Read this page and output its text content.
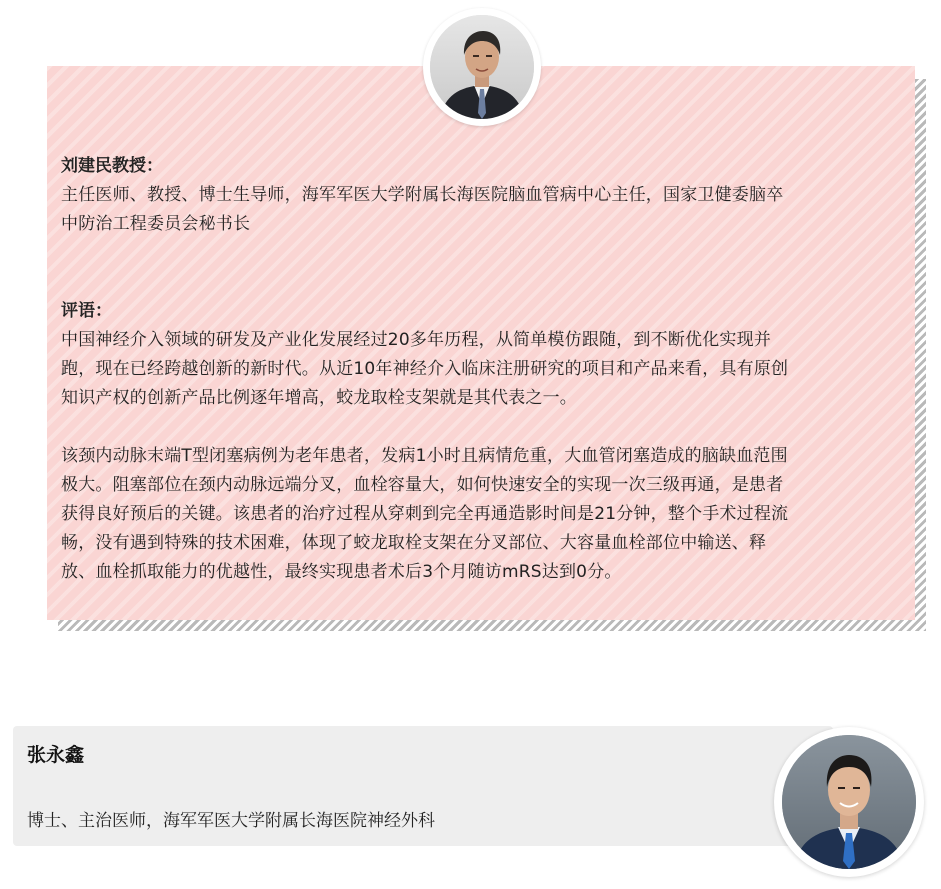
刘建民教授：

主任医师、教授、博士生导师，海军军医大学附属长海医院脑血管病中心主任，国家卫健委脑卒

中防治工程委员会秘书长

评语：

中国神经介入领域的研发及产业化发展经过20多年历程，从简单模仿跟随，到不断优化实现并

跑，现在已经跨越创新的新时代。从近10年神经介入临床注册研究的项目和产品来看，具有原创

知识产权的创新产品比例逐年增高，蛟龙取栓支架就是其代表之一。

该颈内动脉末端T型闭塞病例为老年患者，发病1小时且病情危重，大血管闭塞造成的脑缺血范围

极大。阻塞部位在颈内动脉远端分叉，血栓容量大，如何快速安全的实现一次三级再通，是患者

获得良好预后的关键。该患者的治疗过程从穿刺到完全再通造影时间是21分钟，整个手术过程流

畅，没有遇到特殊的技术困难，体现了蛟龙取栓支架在分叉部位、大容量血栓部位中输送、释

放、血栓抓取能力的优越性，最终实现患者术后3个月随访mRS达到0分。

张永鑫

博士、主治医师，海军军医大学附属长海医院神经外科
